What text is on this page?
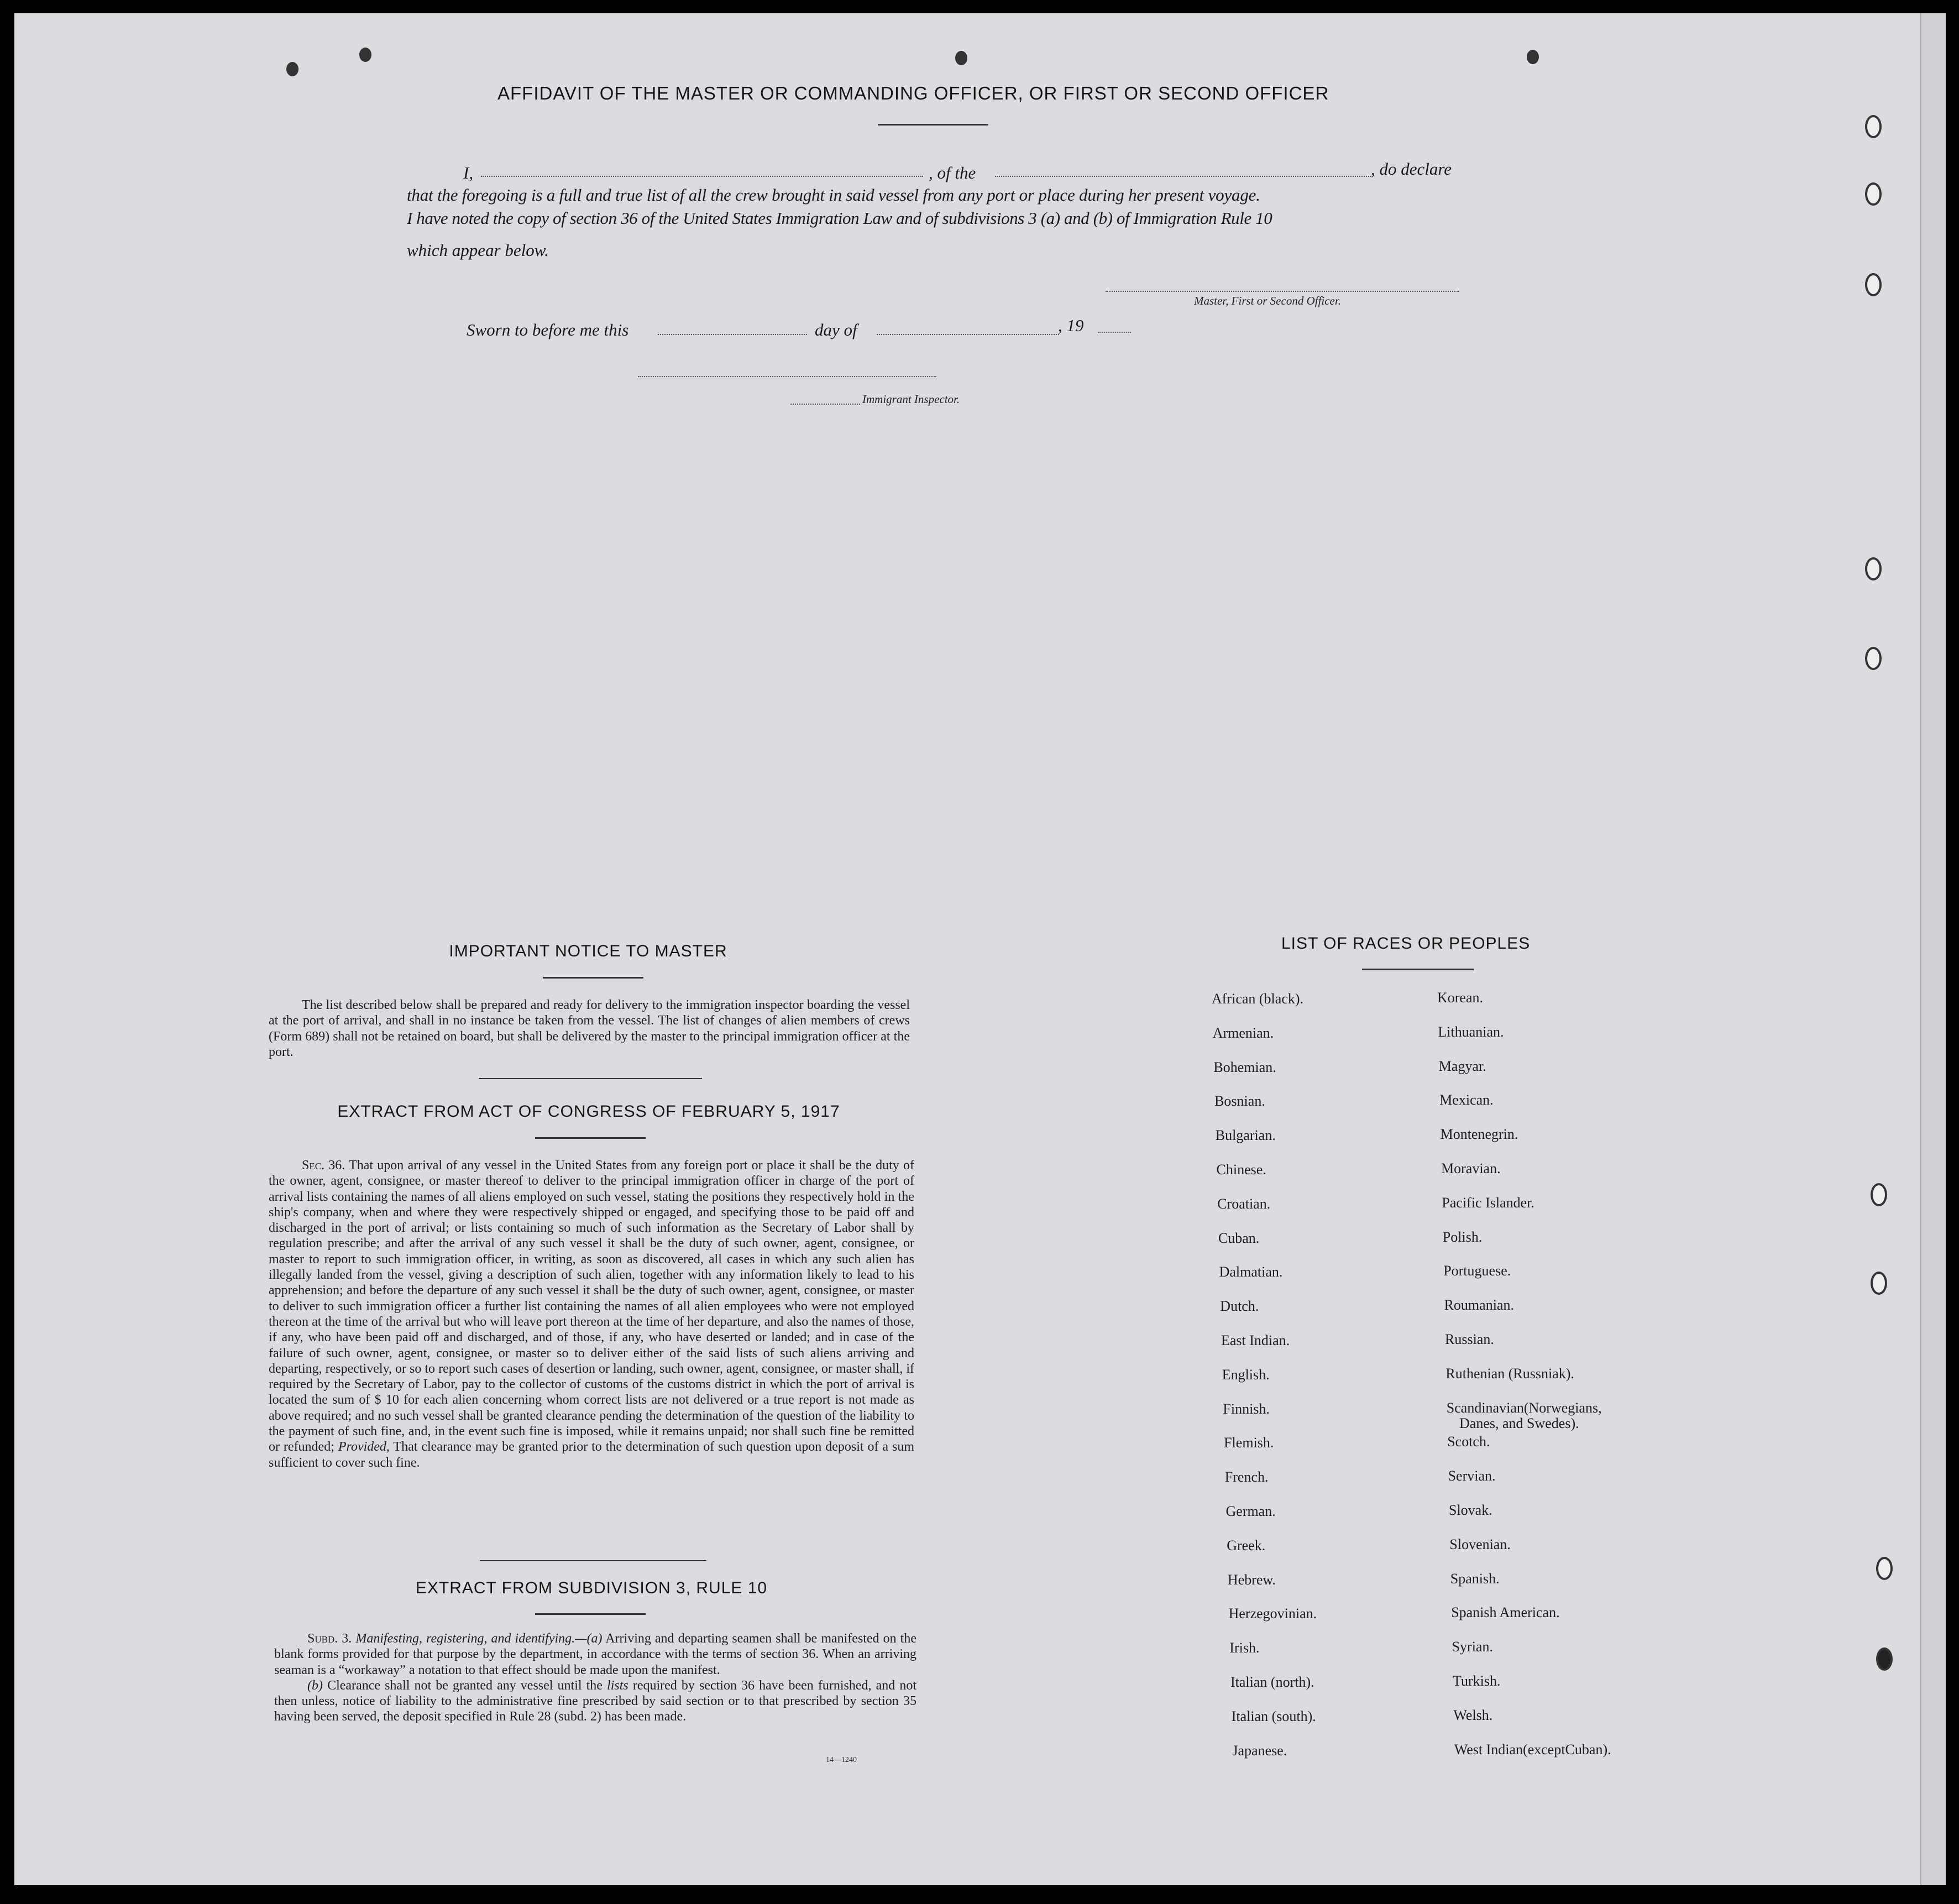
AFFIDAVIT OF THE MASTER OR COMMANDING OFFICER, OR FIRST OR SECOND OFFICER
I,	, of the	, do declare
that the foregoing is a full and true list of all the crew brought in said vessel from any port or place during her present voyage.
I have noted the copy of section 36 of the United States Immigration Law and of subdivisions 3 (a) and (b) of Immigration Rule 10
which appear below.
Master, First or Second Officer.
Sworn to before me this	day of	, 19
Immigrant Inspector.
IMPORTANT NOTICE TO MASTER

The list described below shall be prepared and ready for delivery to the immigration inspector boarding the vessel at the port of arrival, and shall in no instance be taken from the vessel. The list of changes of alien members of crews (Form 689) shall not be retained on board, but shall be delivered by the master to the principal immigration officer at the port.

EXTRACT FROM ACT OF CONGRESS OF FEBRUARY 5, 1917

Sec. 36. That upon arrival of any vessel in the United States from any foreign port or place it shall be the duty of the owner, agent, consignee, or master thereof to deliver to the principal immigration officer in charge of the port of arrival lists containing the names of all aliens employed on such vessel, stating the positions they respectively hold in the ship's company, when and where they were respectively shipped or engaged, and specifying those to be paid off and discharged in the port of arrival; or lists containing so much of such information as the Secretary of Labor shall by regulation prescribe; and after the arrival of any such vessel it shall be the duty of such owner, agent, consignee, or master to report to such immigration officer, in writing, as soon as discovered, all cases in which any such alien has illegally landed from the vessel, giving a description of such alien, together with any information likely to lead to his apprehension; and before the departure of any such vessel it shall be the duty of such owner, agent, consignee, or master to deliver to such immigration officer a further list containing the names of all alien employees who were not employed thereon at the time of the arrival but who will leave port thereon at the time of her departure, and also the names of those, if any, who have been paid off and discharged, and of those, if any, who have deserted or landed; and in case of the failure of such owner, agent, consignee, or master so to deliver either of the said lists of such aliens arriving and departing, respectively, or so to report such cases of desertion or landing, such owner, agent, consignee, or master shall, if required by the Secretary of Labor, pay to the collector of customs of the customs district in which the port of arrival is located the sum of $ 10 for each alien concerning whom correct lists are not delivered or a true report is not made as above required; and no such vessel shall be granted clearance pending the determination of the question of the liability to the payment of such fine, and, in the event such fine is imposed, while it remains unpaid; nor shall such fine be remitted or refunded; Provided, That clearance may be granted prior to the determination of such question upon deposit of a sum sufficient to cover such fine.

EXTRACT FROM SUBDIVISION 3, RULE 10

Subd. 3. Manifesting, registering, and identifying.—(a) Arriving and departing seamen shall be manifested on the blank forms provided for that purpose by the department, in accordance with the terms of section 36. When an arriving seaman is a “workaway” a notation to that effect should be made upon the manifest.

(b) Clearance shall not be granted any vessel until the lists required by section 36 have been furnished, and not then unless, notice of liability to the administrative fine prescribed by said section or to that prescribed by section 35 having been served, the deposit specified in Rule 28 (subd. 2) has been made.

14—1240
LIST OF RACES OR PEOPLES
African (black).
Armenian.
Bohemian.
Bosnian.
Bulgarian.
Chinese.
Croatian.
Cuban.
Dalmatian.
Dutch.
East Indian.
English.
Finnish.
Flemish.
French.
German.
Greek.
Hebrew.
Herzegovinian.
Irish.
Italian (north).
Italian (south).
Japanese.
Korean.
Lithuanian.
Magyar.
Mexican.
Montenegrin.
Moravian.
Pacific Islander.
Polish.
Portuguese.
Roumanian.
Russian.
Ruthenian (Russniak).
Scandinavian(Norwegians,
Danes, and Swedes).
Scotch.
Servian.
Slovak.
Slovenian.
Spanish.
Spanish American.
Syrian.
Turkish.
Welsh.
West Indian(exceptCuban).
